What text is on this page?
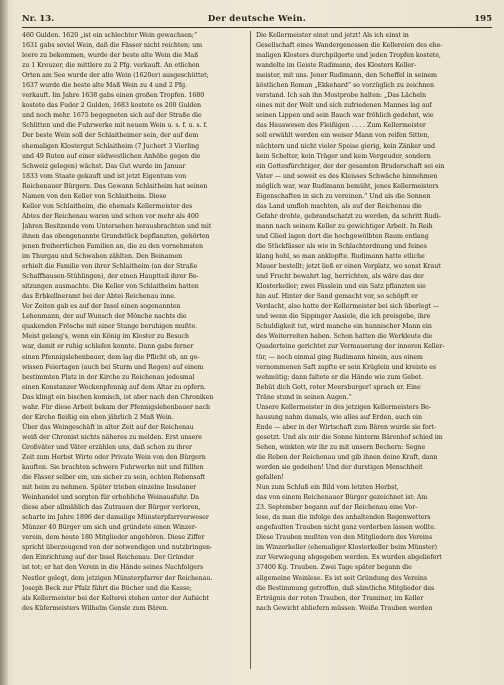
Nr. 13.	Der deutsche Wein.	195
460 Gulden. 1620 „ist ein schlechter Wein gewachsen;“
1631 gabs soviel Wein, daß die Fässer nicht reichten; um
leere zu bekommen, wurde der beste alte Wein die Maß
zu 1 Kreuzer, die mittlere zu 2 Pfg. verkauft. An etlichen
Orten am See wurde der alte Wein (1620er) ausgeschüttet;
1637 wurde die beste alte Maß Wein zu 4 und 2 Pfg.
verkauft. Im Jahre 1638 gabs einen großen Tropfen. 1680
kostete das Fuder 2 Gulden, 1683 kostete es 200 Gulden
und noch mehr. 1675 begegneten sich auf der Straße die
Schlitten und die Fuhrwerke mit neuem Wein u. s. f. u. s. f.
Der beste Wein soll der Schlaitheimer sein, der auf dem
ehemaligen Klostergut Schlaitheim (7 Juchert 3 Vierling
und 49 Ruten auf einer südwestlichen Anhöhe gegen die
Schweiz gelegen) wächst. Das Gut wurde im Januar
1833 vom Staate gekauft und ist jetzt Eigentum von
Reichenauer Bürgern. Das Gewann Schlaitheim hat seinen
Namen von den Keller von Schlaitheim. Diese
Keller von Schlaitheim, die ehemals Kellermeister des
Abtes der Reichenau waren und schon vor mehr als 400
Jahren Besitzende vom Untersehen herausbrachten und mit
ihnen das obengenannte Grundstück bepflanzten, gehörten
jenen freiherrlichen Familien an, die zu den vornehmsten
im Thurgau und Schwaben zählten. Den Beinamen
erhielt die Familie von ihrer Schlaitheim (an der Straße
Schaffhausen-Stühlingen), der einen Hauptteil ihrer Be-
sitzungen ausmachte. Die Keller von Schlaitheim hatten
das Erbkellneramt bei der Abtei Reichenau inne.
Vor Zeiten gab es auf der Insel einen sogenannten
Lehenmann, der auf Wunsch der Mönche nachts die
quakenden Frösche mit einer Stange beruhigen mußte.
Meist gelang's, wenn ein König im Kloster zu Besuch
war, damit er ruhig schlafen konnte. Dann gabs ferner
einen Pfennigslehenbauer, dem lag die Pflicht ob, an ge-
wissen Feiertagen (auch bei Sturm und Regen) auf einem
bestimmten Platz in der Kirche zu Reichenau jedesmal
einen Konstanzer Weckenpfennig auf dem Altar zu opfern.
Das klingt ein bischen komisch, ist aber nach den Chroniken
wahr. Für diese Arbeit bekam der Pfennigslehenbauer nach
der Kirche fleißig ein eben jährlich 2 Maß Wein.
Über das Weingeschäft in alter Zeit auf der Reichenau
weiß der Chronist nichts näheres zu melden. Erst unsere
Großväter und Väter erzählen uns, daß schon zu ihrer
Zeit zum Herbst Wirte oder Private Wein von den Bürgern
kauften. Sie brachten schwere Fuhrwerke mit und füllten
die Fässer selber ein, um sicher zu sein, echten Rebensaft
mit heim zu nehmen. Später trieben einzelne Insulaner
Weinhandel und sorgten für erhebliche Weinausfuhr. Da
diese aber allmählich das Zutrauen der Bürger verloren,
scharte im Jahre 1896 der damalige Münsterpfarrverweser
Münzer 40 Bürger um sich und gründete einen Winzer-
verein, dem heute 180 Mitglieder angehören. Diese Ziffer
spricht überzeugend von der notwendigen und nutzbringen-
den Einrichtung auf der Insel Reichenau. Der Gründer
ist tot; er hat den Verein in die Hände seines Nachfolgers
Nestler gelegt, dem jetzigen Münsterpfarrer der Reichenau.
Joseph Beck zur Pfalz führt die Bücher und die Kasse;
als Kellermeister bei der Kelterei stehen unter der Aufsicht
des Küfermeisters Wilhelm Gensle zum Bären.
Die Kellermeister einst und jetzt! Als ich einst in
Gesellschaft eines Wandergenossen die Kellereien des ehe-
maligen Klosters durchpilgerte und jeden Tropfen kostete,
wandelte im Geiste Rudimann, des Klosters Keller-
meister, mit uns. Jener Rudimann, den Scheffel in seinem
köstlichen Roman „Ekkehard“ so vorzüglich zu zeichnen
verstand. Ich sah ihn Mostprobe halten: „Das Lächeln
eines mit der Welt und sich zufriedenen Mannes lag auf
seinen Lippen und sein Bauch war fröhlich gedehnt, wie
das Hauswesen des Fleißigen . . . . Zum Kellermeister
soll erwählt werden ein weiser Mann von reifen Sitten,
nüchtern und nicht vieler Speise gierig, kein Zänker und
kein Schelter, kein Träger und kein Vergeuder, sondern
ein Gottesfürchtiger, der der gesamten Bruderschaft sei ein
Vater — und soweit es des Kleisses Schwäche hinnehmen
möglich war, war Rudimann bemüht, jenes Kellermeisters
Eigenschaften in sich zu vereinen.“ Und als die Sonnen
das Land umfloh machten, als auf der Reichenau die
Gefahr drohte, gebrandschatzt zu werden, da schritt Rudi-
mann nach seinem Keller zu gewichtiger Arbeit. In Reih
und Glied lagen dort die hochgewölbten Raum entlang
die Stückfässer als wie in Schlachtordnung und feines
klang hohl, so man anklopfte. Rudimann hatte etliche
Mauer bestellt; jetzt ließ er einen Vorplatz, wo sonst Kraut
und Frucht bewahrt lag, herrichten, als wäre das der
Klosterkeller; zwei Fässlein und ein Satz pflanzten sie
hin auf. Hinter der Sand gemacht vor, so schöpft er
Verdacht, also hatte der Kellermeister bei sich überlegt —
und wenn die Sippinger Aasiele, die ich preisgebe, ihre
Schuldigkeit tut, wird manche ein hunnischer Mann ein
des Weiterreiten haben. Schon hatten die Werkleute die
Quaderteine gerichtet zur Vermauerung der inneren Keller-
tür, — noch einmal ging Rudimann hinein, aus einem
vernommenen Saft zapfte er sein Krüglein und kreiste es
wehmütig; dann faltete er die Hände wie zum Gebet.
Behüt dich Gott, roter Meersburger! sprach er. Eine
Träne stund in seinen Augen.“
Unsere Kellermeister in des jetzigen Kellermeisters Be-
hausung nahm damals, wie alles auf Erden, auch ein
Ende — aber in der Wirtschaft zum Bären wurde sie fort-
gesetzt. Und als mir die Sonne hinterm Bärenhof schied im
Sehen, winkten wir ihr zu mit unsern Bechern: Segne
die Reben der Reichenau und gib ihnen deine Kraft, dann
werden sie gedeihen! Und der durstigen Menschheit
gefallen!
Nun zum Schluß ein Bild vom letzten Herbst,
das von einem Reichenauer Bürger gezeichnet ist: Am
23. September begann auf der Reichenau eine Vor-
lese, da man die infolge des anhaltenden Regenwetters
angefaulten Trauben nicht ganz verderben lassen wollte.
Diese Trauben mußten von den Mitgliedern des Vereins
im Winzerkeller (ehemaliger Klosterkeller beim Münster)
zur Verwiegung abgegeben werden. Es wurden abgeliefert
37400 Kg. Trauben. Zwei Tage später begann die
allgemeine Weinlese. Es ist seit Gründung des Vereins
die Bestimmung getroffen, daß sämtliche Mitglieder das
Erträgnis der roten Trauben, der Traminer, im Keller
nach Gewicht abliefern müssen. Weiße Trauben werden
